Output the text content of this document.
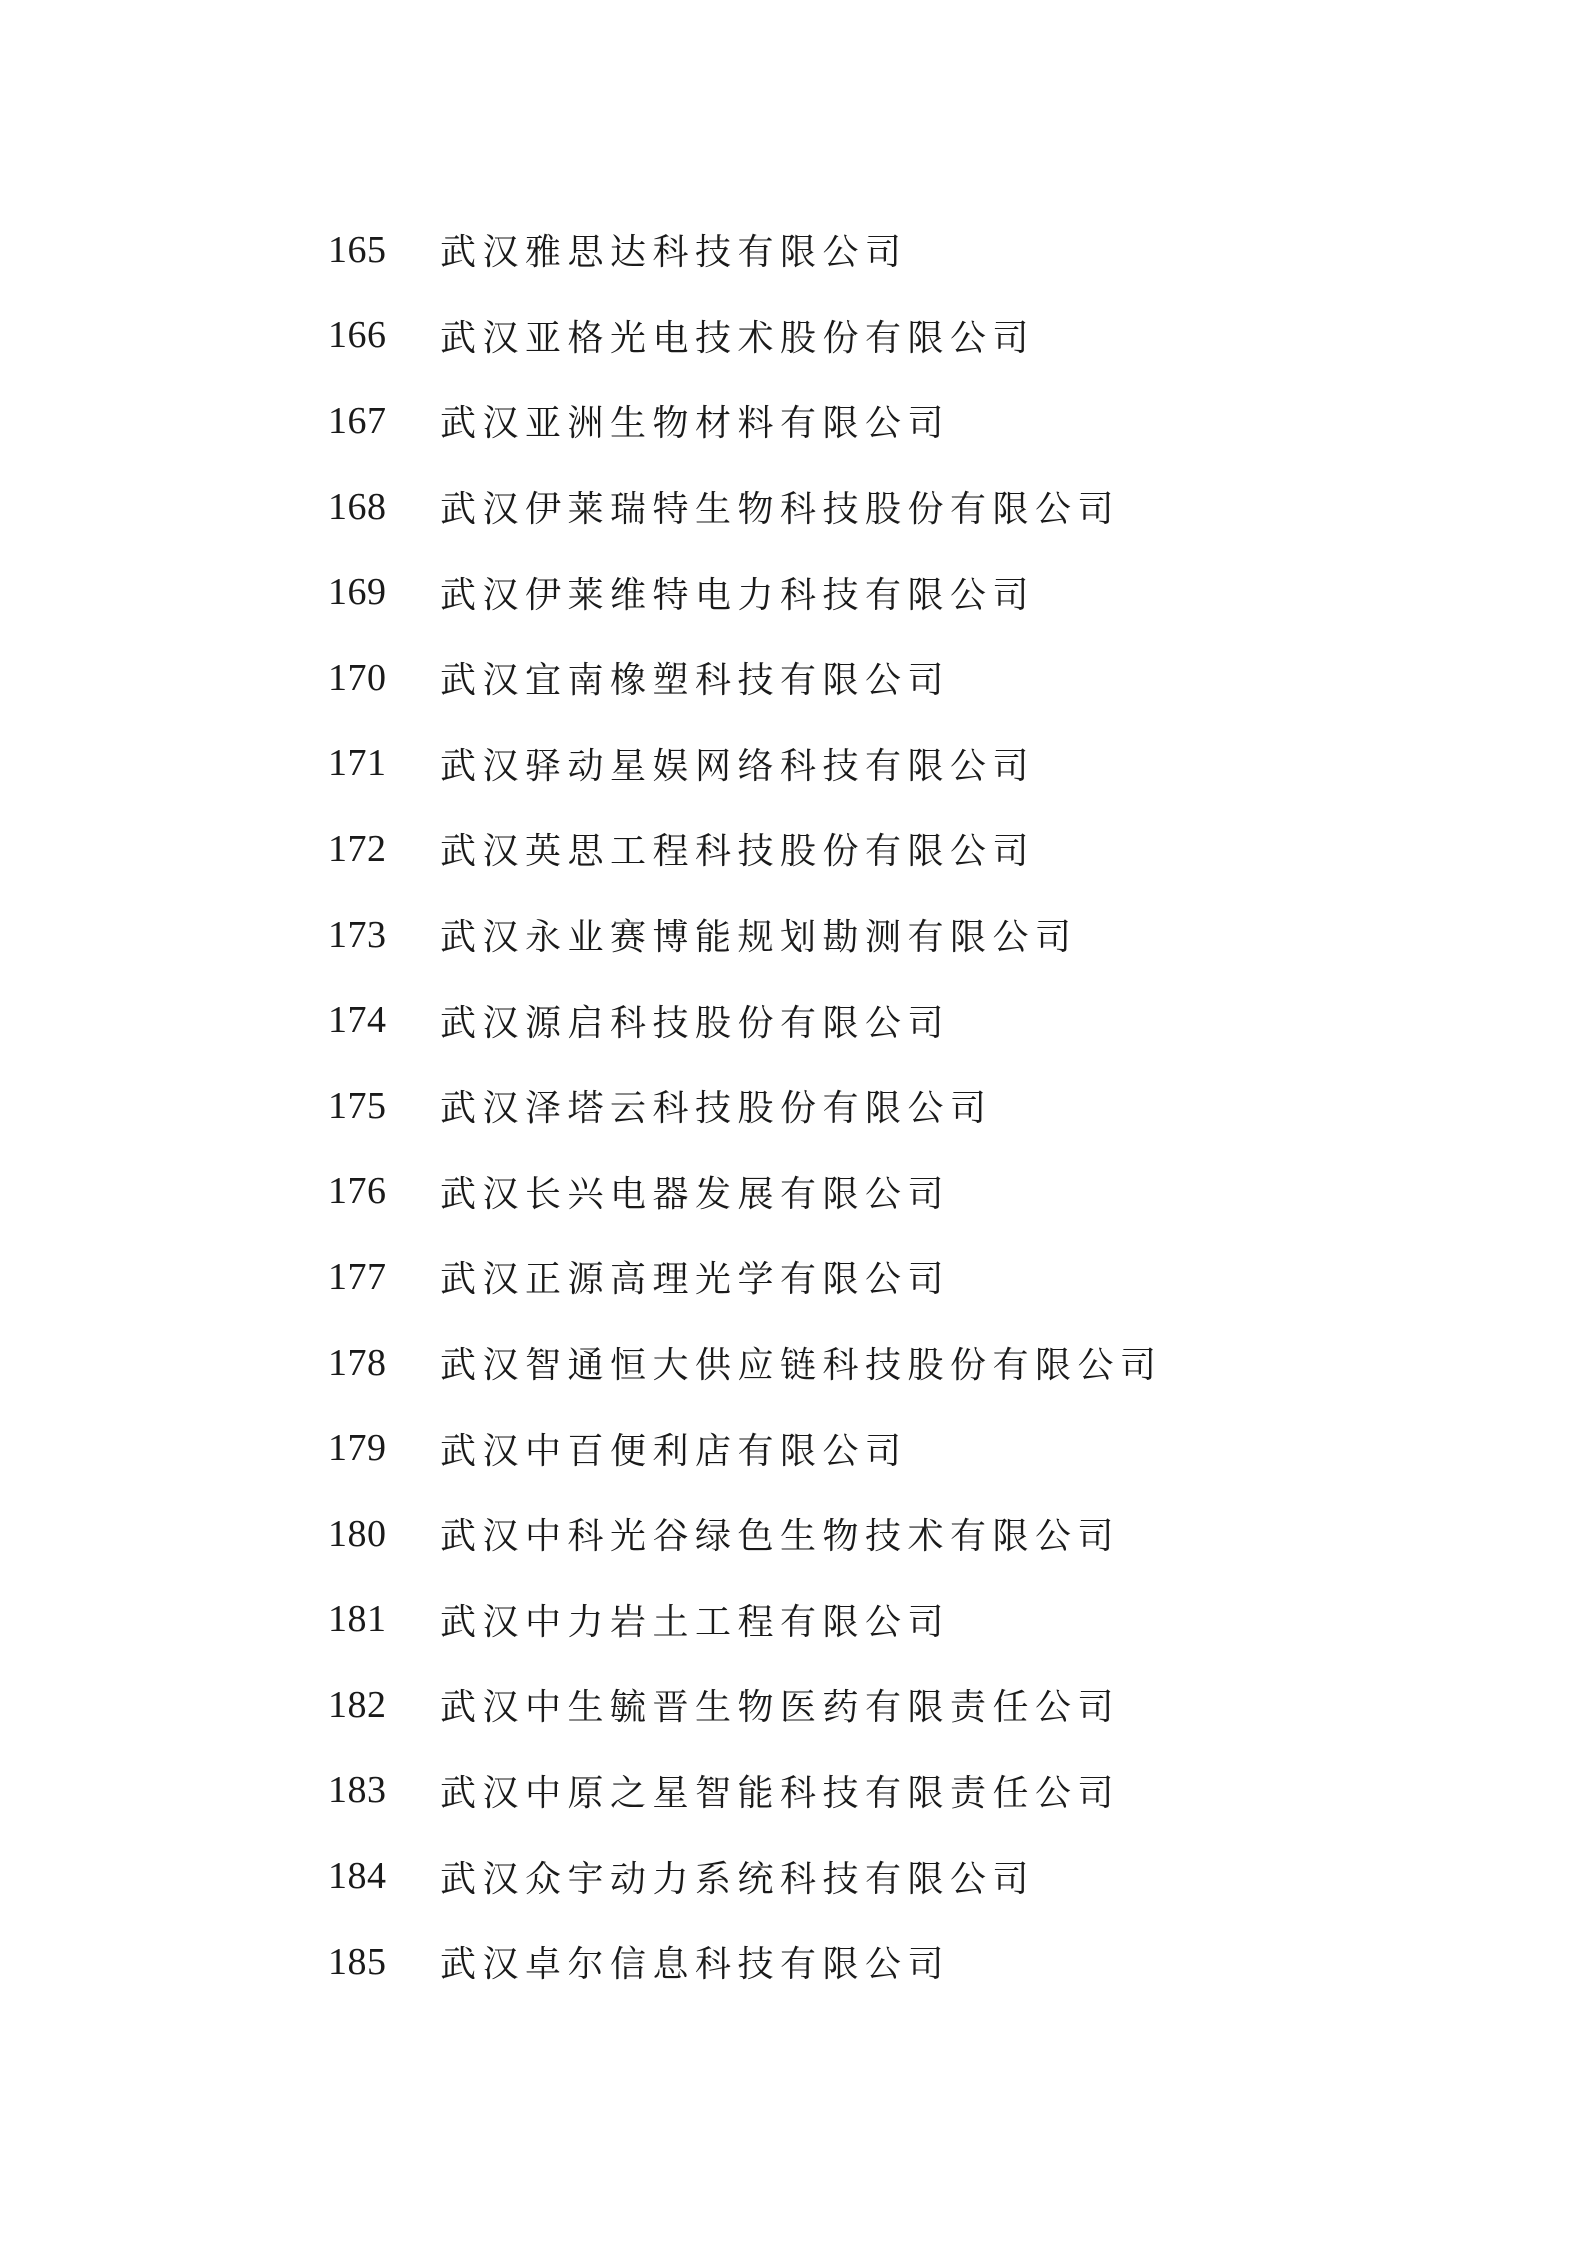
165	武汉雅思达科技有限公司
166	武汉亚格光电技术股份有限公司
167	武汉亚洲生物材料有限公司
168	武汉伊莱瑞特生物科技股份有限公司
169	武汉伊莱维特电力科技有限公司
170	武汉宜南橡塑科技有限公司
171	武汉驿动星娱网络科技有限公司
172	武汉英思工程科技股份有限公司
173	武汉永业赛博能规划勘测有限公司
174	武汉源启科技股份有限公司
175	武汉泽塔云科技股份有限公司
176	武汉长兴电器发展有限公司
177	武汉正源高理光学有限公司
178	武汉智通恒大供应链科技股份有限公司
179	武汉中百便利店有限公司
180	武汉中科光谷绿色生物技术有限公司
181	武汉中力岩土工程有限公司
182	武汉中生毓晋生物医药有限责任公司
183	武汉中原之星智能科技有限责任公司
184	武汉众宇动力系统科技有限公司
185	武汉卓尔信息科技有限公司
